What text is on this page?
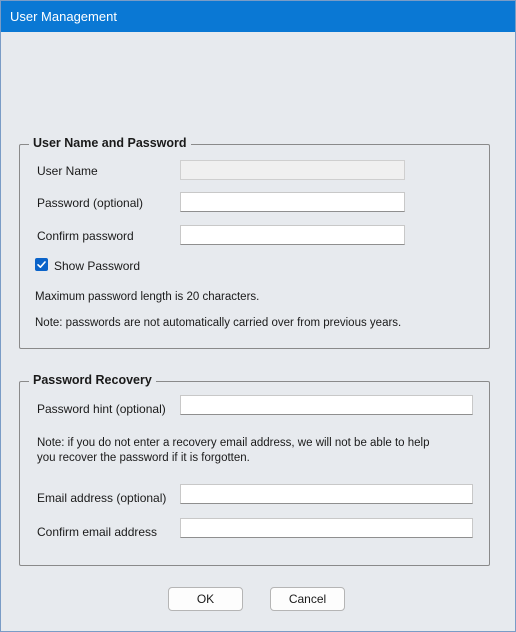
User Management
User Name and Password
User Name
Password (optional)
Confirm password
Show Password
Maximum password length is 20 characters.
Note: passwords are not automatically carried over from previous years.
Password Recovery
Password hint (optional)
Note: if you do not enter a recovery email address, we will not be able to help
you recover the password if it is forgotten.
Email address (optional)
Confirm email address
OK	Cancel
